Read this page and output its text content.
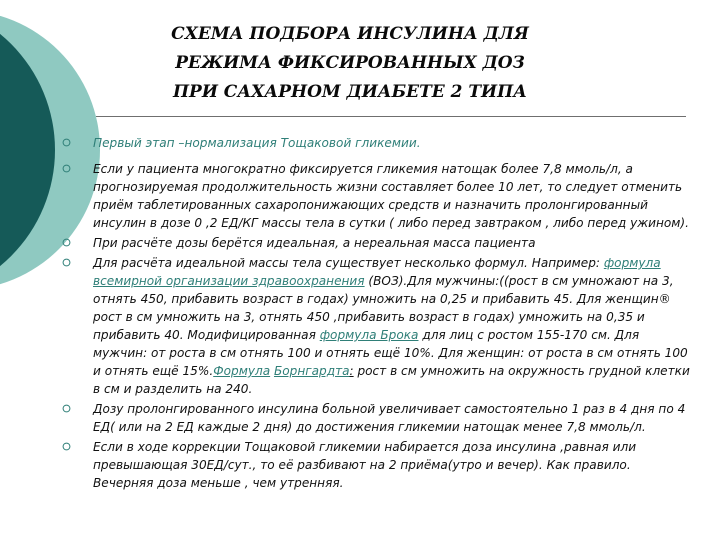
СХЕМА ПОДБОРА ИНСУЛИНА ДЛЯ
РЕЖИМА ФИКСИРОВАННЫХ ДОЗ
ПРИ САХАРНОМ ДИАБЕТЕ 2 ТИПА
Первый этап –нормализация Тощаковой гликемии.
Если у пациента многократно фиксируется гликемия натощак более 7,8 ммоль/л, а прогнозируемая продолжительность жизни составляет более 10 лет, то следует отменить приём таблетированных сахаропонижающих средств и назначить пролонгированный инсулин в дозе 0 ,2 ЕД/КГ массы тела в сутки ( либо перед завтраком , либо перед ужином).
При расчёте дозы берётся идеальная, а нереальная масса пациента
Для расчёта идеальной массы тела существует несколько формул. Например: формула всемирной организации здравоохранения (ВОЗ).Для мужчины:((рост в см умножают на 3, отнять 450, прибавить возраст в годах) умножить на 0,25 и прибавить 45. Для женщин® рост в см умножить на 3, отнять 450 ,прибавить возраст в годах) умножить на 0,35 и прибавить 40. Модифицированная формула Брока для лиц с ростом 155-170 см. Для мужчин: от роста в см отнять 100 и отнять ещё 10%. Для женщин: от роста в см отнять 100 и отнять ещё 15%.Формула Борнгардта: рост в см умножить на окружность грудной клетки в см и разделить на 240.
Дозу пролонгированного инсулина больной увеличивает самостоятельно 1 раз в 4 дня по 4 ЕД( или на 2 ЕД каждые 2 дня) до достижения гликемии натощак менее 7,8 ммоль/л.
Если в ходе коррекции Тощаковой гликемии набирается доза инсулина ,равная или превышающая 30ЕД/сут., то её разбивают на 2 приёма(утро и вечер). Как правило. Вечерняя доза меньше , чем утренняя.
